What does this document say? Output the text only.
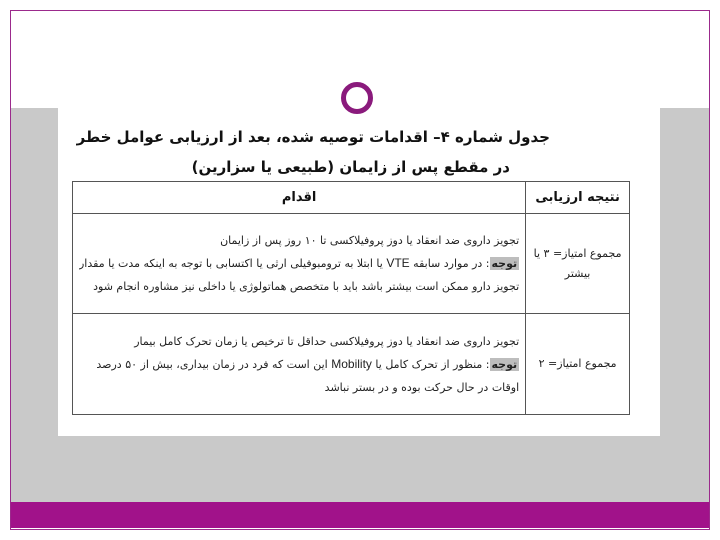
جدول شماره ۴– اقدامات توصیه شده، بعد از ارزیابی عوامل خطر
در مقطع پس از زایمان (طبیعی یا سزارین)
نتیجه ارزیابی	اقدام

مجموع امتیاز= ۳ یا
بیشتر	تجویز داروی ضد انعقاد یا دوز پروفیلاکسی تا ۱۰ روز پس از زایمان
توجه: در موارد سابقه VTE یا ابتلا به ترومبوفیلی ارثی یا اکتسابی با توجه به اینکه مدت یا مقدار
تجویز دارو ممکن است بیشتر باشد باید با متخصص هماتولوژی یا داخلی نیز مشاوره انجام شود

مجموع امتیاز= ۲	تجویز داروی ضد انعقاد یا دوز پروفیلاکسی حداقل تا ترخیص یا زمان تحرک کامل بیمار
توجه: منظور از تحرک کامل یا Mobility این است که فرد در زمان بیداری، بیش از ۵۰ درصد
اوقات در حال حرکت بوده و در بستر نباشد
